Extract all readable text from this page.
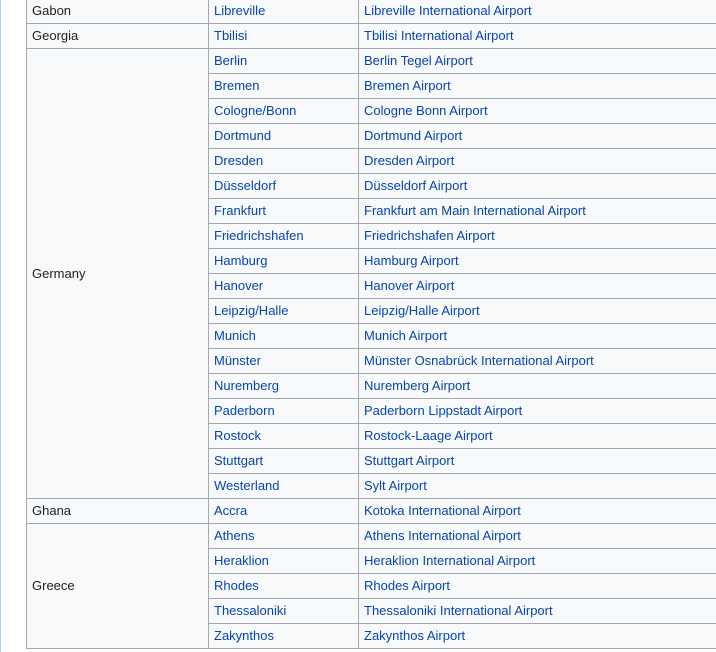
Gabon	Libreville	Libreville International Airport
Georgia	Tbilisi	Tbilisi International Airport
Germany	Berlin	Berlin Tegel Airport
	Bremen	Bremen Airport
	Cologne/Bonn	Cologne Bonn Airport
	Dortmund	Dortmund Airport
	Dresden	Dresden Airport
	Düsseldorf	Düsseldorf Airport
	Frankfurt	Frankfurt am Main International Airport
	Friedrichshafen	Friedrichshafen Airport
	Hamburg	Hamburg Airport
	Hanover	Hanover Airport
	Leipzig/Halle	Leipzig/Halle Airport
	Munich	Munich Airport
	Münster	Münster Osnabrück International Airport
	Nuremberg	Nuremberg Airport
	Paderborn	Paderborn Lippstadt Airport
	Rostock	Rostock-Laage Airport
	Stuttgart	Stuttgart Airport
	Westerland	Sylt Airport
Ghana	Accra	Kotoka International Airport
Greece	Athens	Athens International Airport
	Heraklion	Heraklion International Airport
	Rhodes	Rhodes Airport
	Thessaloniki	Thessaloniki International Airport
	Zakynthos	Zakynthos Airport
